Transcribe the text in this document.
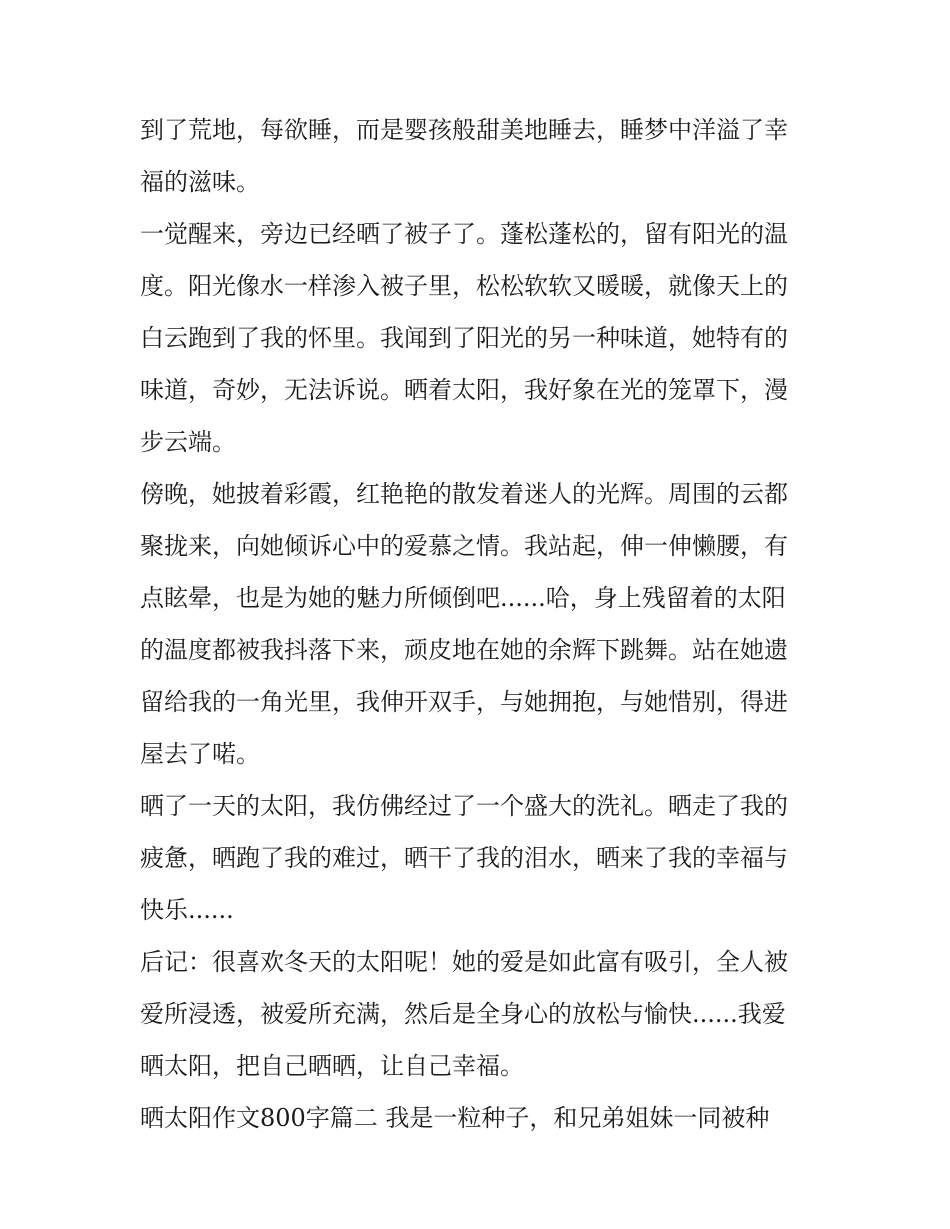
到了荒地，每欲睡，而是婴孩般甜美地睡去，睡梦中洋溢了幸
福的滋味。
一觉醒来，旁边已经晒了被子了。蓬松蓬松的，留有阳光的温
度。阳光像水一样渗入被子里，松松软软又暖暖，就像天上的
白云跑到了我的怀里。我闻到了阳光的另一种味道，她特有的
味道，奇妙，无法诉说。晒着太阳，我好象在光的笼罩下，漫
步云端。
傍晚，她披着彩霞，红艳艳的散发着迷人的光辉。周围的云都
聚拢来，向她倾诉心中的爱慕之情。我站起，伸一伸懒腰，有
点眩晕，也是为她的魅力所倾倒吧......哈，身上残留着的太阳
的温度都被我抖落下来，顽皮地在她的余辉下跳舞。站在她遗
留给我的一角光里，我伸开双手，与她拥抱，与她惜别，得进
屋去了喏。
晒了一天的太阳，我仿佛经过了一个盛大的洗礼。晒走了我的
疲惫，晒跑了我的难过，晒干了我的泪水，晒来了我的幸福与
快乐......
后记：很喜欢冬天的太阳呢！她的爱是如此富有吸引，全人被
爱所浸透，被爱所充满，然后是全身心的放松与愉快......我爱
晒太阳，把自己晒晒，让自己幸福。
晒太阳作文800字篇二 我是一粒种子，和兄弟姐妹一同被种
